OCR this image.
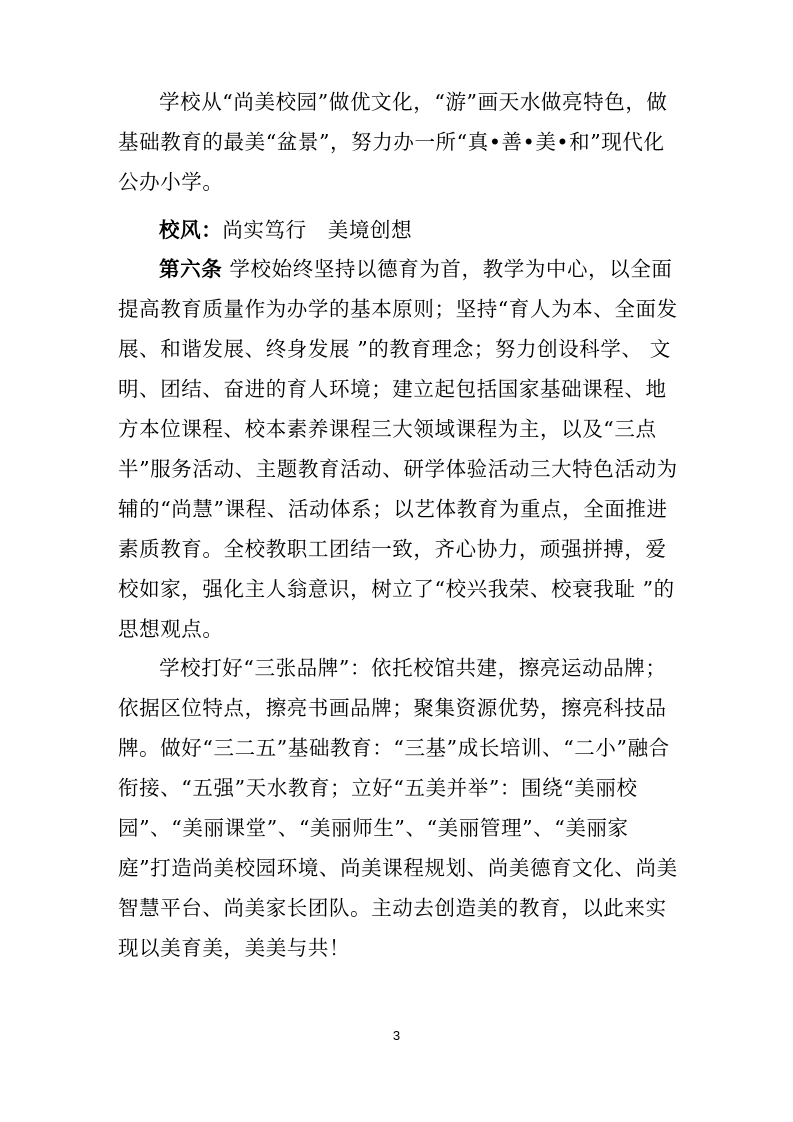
学校从“尚美校园”做优文化，“游”画天水做亮特色，做基础教育的最美“盆景”，努力办一所“真•善•美•和”现代化公办小学。

校风：尚实笃行　美境创想

第六条 学校始终坚持以德育为首，教学为中心，以全面提高教育质量作为办学的基本原则；坚持“育人为本、全面发展、和谐发展、终身发展 ”的教育理念；努力创设科学、 文明、团结、奋进的育人环境；建立起包括国家基础课程、地方本位课程、校本素养课程三大领域课程为主，以及“三点半”服务活动、主题教育活动、研学体验活动三大特色活动为辅的“尚慧”课程、活动体系；以艺体教育为重点，全面推进素质教育。全校教职工团结一致，齐心协力，顽强拼搏，爱校如家，强化主人翁意识，树立了“校兴我荣、校衰我耻 ”的思想观点。

学校打好“三张品牌”：依托校馆共建，擦亮运动品牌；依据区位特点，擦亮书画品牌；聚集资源优势，擦亮科技品牌。做好“三二五”基础教育：“三基”成长培训、“二小”融合衔接、“五强”天水教育；立好“五美并举”：围绕“美丽校园”、“美丽课堂”、“美丽师生”、“美丽管理”、“美丽家庭”打造尚美校园环境、尚美课程规划、尚美德育文化、尚美智慧平台、尚美家长团队。主动去创造美的教育，以此来实现以美育美，美美与共！

3
